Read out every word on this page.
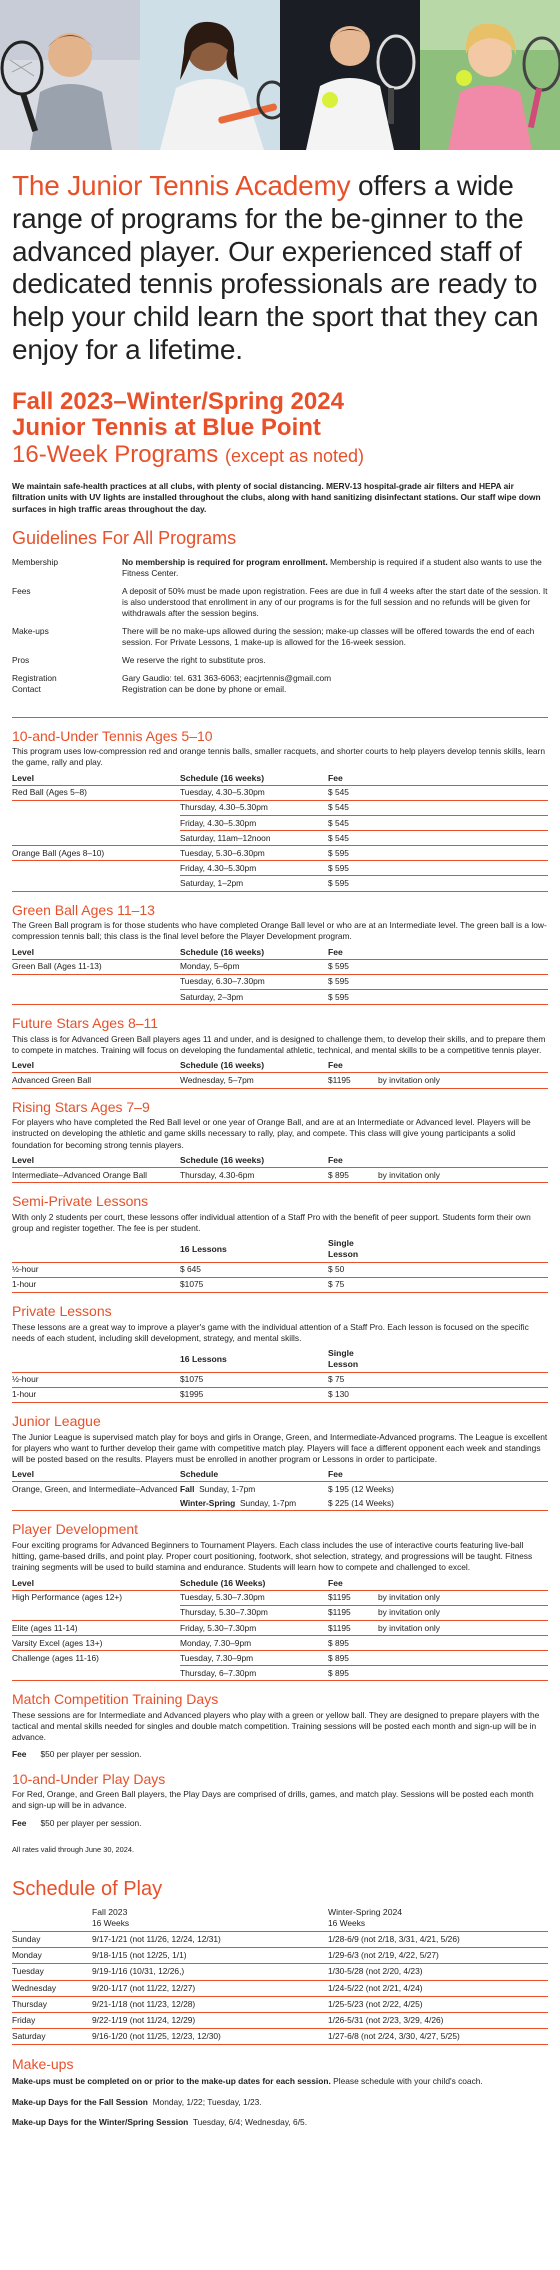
The Junior Tennis Academy offers a wide range of programs for the be-ginner to the advanced player. Our experienced staff of dedicated tennis professionals are ready to help your child learn the sport that they can enjoy for a lifetime.

Fall 2023–Winter/Spring 2024
Junior Tennis at Blue Point
16-Week Programs (except as noted)

We maintain safe-health practices at all clubs, with plenty of social distancing. MERV-13 hospital-grade air filters and HEPA air filtration units with UV lights are installed throughout the clubs, along with hand sanitizing disinfectant stations. Our staff wipe down surfaces in high traffic areas throughout the day.

Guidelines For All Programs
Membership	No membership is required for program enrollment. Membership is required if a student also wants to use the Fitness Center.
Fees	A deposit of 50% must be made upon registration. Fees are due in full 4 weeks after the start date of the session. It is also understood that enrollment in any of our programs is for the full session and no refunds will be given for withdrawals after the session begins.
Make-ups	There will be no make-ups allowed during the session; make-up classes will be offered towards the end of each session. For Private Lessons, 1 make-up is allowed for the 16-week session.
Pros	We reserve the right to substitute pros.
Registration
Contact	Gary Gaudio: tel. 631 363-6063; eacjrtennis@gmail.com
Registration can be done by phone or email.
10-and-Under Tennis Ages 5–10

This program uses low-compression red and orange tennis balls, smaller racquets, and shorter courts to help players develop tennis skills, learn the game, rally and play.

Level	Schedule (16 weeks)	Fee	
Red Ball (Ages 5–8)	Tuesday, 4.30–5.30pm	$ 545	
	Thursday, 4.30–5.30pm	$ 545	
	Friday, 4.30–5.30pm	$ 545	
	Saturday, 11am–12noon	$ 545	
Orange Ball (Ages 8–10)	Tuesday, 5.30–6.30pm	$ 595	
	Friday, 4.30–5.30pm	$ 595	
	Saturday, 1–2pm	$ 595	
Green Ball Ages 11–13

The Green Ball program is for those students who have completed Orange Ball level or who are at an Intermediate level. The green ball is a low-compression tennis ball; this class is the final level before the Player Development program.

Level	Schedule (16 weeks)	Fee	
Green Ball (Ages 11-13)	Monday, 5–6pm	$ 595	
	Tuesday, 6.30–7.30pm	$ 595	
	Saturday, 2–3pm	$ 595	
Future Stars Ages 8–11

This class is for Advanced Green Ball players ages 11 and under, and is designed to challenge them, to develop their skills, and to prepare them to compete in matches. Training will focus on developing the fundamental athletic, technical, and mental skills to be a competitive tennis player.

Level	Schedule (16 weeks)	Fee	
Advanced Green Ball	Wednesday, 5–7pm	$1195	by invitation only
Rising Stars Ages 7–9

For players who have completed the Red Ball level or one year of Orange Ball, and are at an Intermediate or Advanced level. Players will be instructed on developing the athletic and game skills necessary to rally, play, and compete. This class will give young participants a solid foundation for becoming strong tennis players.

Level	Schedule (16 weeks)	Fee	
Intermediate–Advanced Orange Ball	Thursday, 4.30-6pm	$ 895	by invitation only
Semi-Private Lessons

With only 2 students per court, these lessons offer individual attention of a Staff Pro with the benefit of peer support. Students form their own group and register together. The fee is per student.

	16 Lessons	Single Lesson	
½-hour	$ 645	$ 50	
1-hour	$1075	$ 75	
Private Lessons

These lessons are a great way to improve a player's game with the individual attention of a Staff Pro. Each lesson is focused on the specific needs of each student, including skill development, strategy, and mental skills.

	16 Lessons	Single Lesson	
½-hour	$1075	$ 75	
1-hour	$1995	$ 130	
Junior League

The Junior League is supervised match play for boys and girls in Orange, Green, and Intermediate-Advanced programs. The League is excellent for players who want to further develop their game with competitive match play. Players will face a different opponent each week and standings will be posted based on the results. Players must be enrolled in another program or Lessons in order to participate.

Level	Schedule	Fee
Orange, Green, and Intermediate–Advanced	Fall Sunday, 1-7pm	$ 195 (12 Weeks)
	Winter-Spring Sunday, 1-7pm	$ 225 (14 Weeks)
Player Development

Four exciting programs for Advanced Beginners to Tournament Players. Each class includes the use of interactive courts featuring live-ball hitting, game-based drills, and point play. Proper court positioning, footwork, shot selection, strategy, and progressions will be taught. Fitness training segments will be used to build stamina and endurance. Students will learn how to compete and challenged to excel.

Level	Schedule (16 Weeks)	Fee	
High Performance (ages 12+)	Tuesday, 5.30–7.30pm	$1195	by invitation only
	Thursday, 5.30–7.30pm	$1195	by invitation only
Elite (ages 11-14)	Friday, 5.30–7.30pm	$1195	by invitation only
Varsity Excel (ages 13+)	Monday, 7.30–9pm	$ 895	
Challenge (ages 11-16)	Tuesday, 7.30–9pm	$ 895	
	Thursday, 6–7.30pm	$ 895	
Match Competition Training Days

These sessions are for Intermediate and Advanced players who play with a green or yellow ball. They are designed to prepare players with the tactical and mental skills needed for singles and double match competition. Training sessions will be posted each month and sign-up will be in advance.

Fee $50 per player per session.

10-and-Under Play Days

For Red, Orange, and Green Ball players, the Play Days are comprised of drills, games, and match play. Sessions will be posted each month and sign-up will be in advance.

Fee $50 per player per session.

All rates valid through June 30, 2024.

Schedule of Play
	Fall 2023	Winter-Spring 2024
	16 Weeks	16 Weeks
Sunday	9/17-1/21 (not 11/26, 12/24, 12/31)	1/28-6/9 (not 2/18, 3/31, 4/21, 5/26)
Monday	9/18-1/15 (not 12/25, 1/1)	1/29-6/3 (not 2/19, 4/22, 5/27)
Tuesday	9/19-1/16 (10/31, 12/26,)	1/30-5/28 (not 2/20, 4/23)
Wednesday	9/20-1/17 (not 11/22, 12/27)	1/24-5/22 (not 2/21, 4/24)
Thursday	9/21-1/18 (not 11/23, 12/28)	1/25-5/23 (not 2/22, 4/25)
Friday	9/22-1/19 (not 11/24, 12/29)	1/26-5/31 (not 2/23, 3/29, 4/26)
Saturday	9/16-1/20 (not 11/25, 12/23, 12/30)	1/27-6/8 (not 2/24, 3/30, 4/27, 5/25)
Make-ups

Make-ups must be completed on or prior to the make-up dates for each session. Please schedule with your child's coach.

Make-up Days for the Fall Session Monday, 1/22; Tuesday, 1/23.

Make-up Days for the Winter/Spring Session Tuesday, 6/4; Wednesday, 6/5.
